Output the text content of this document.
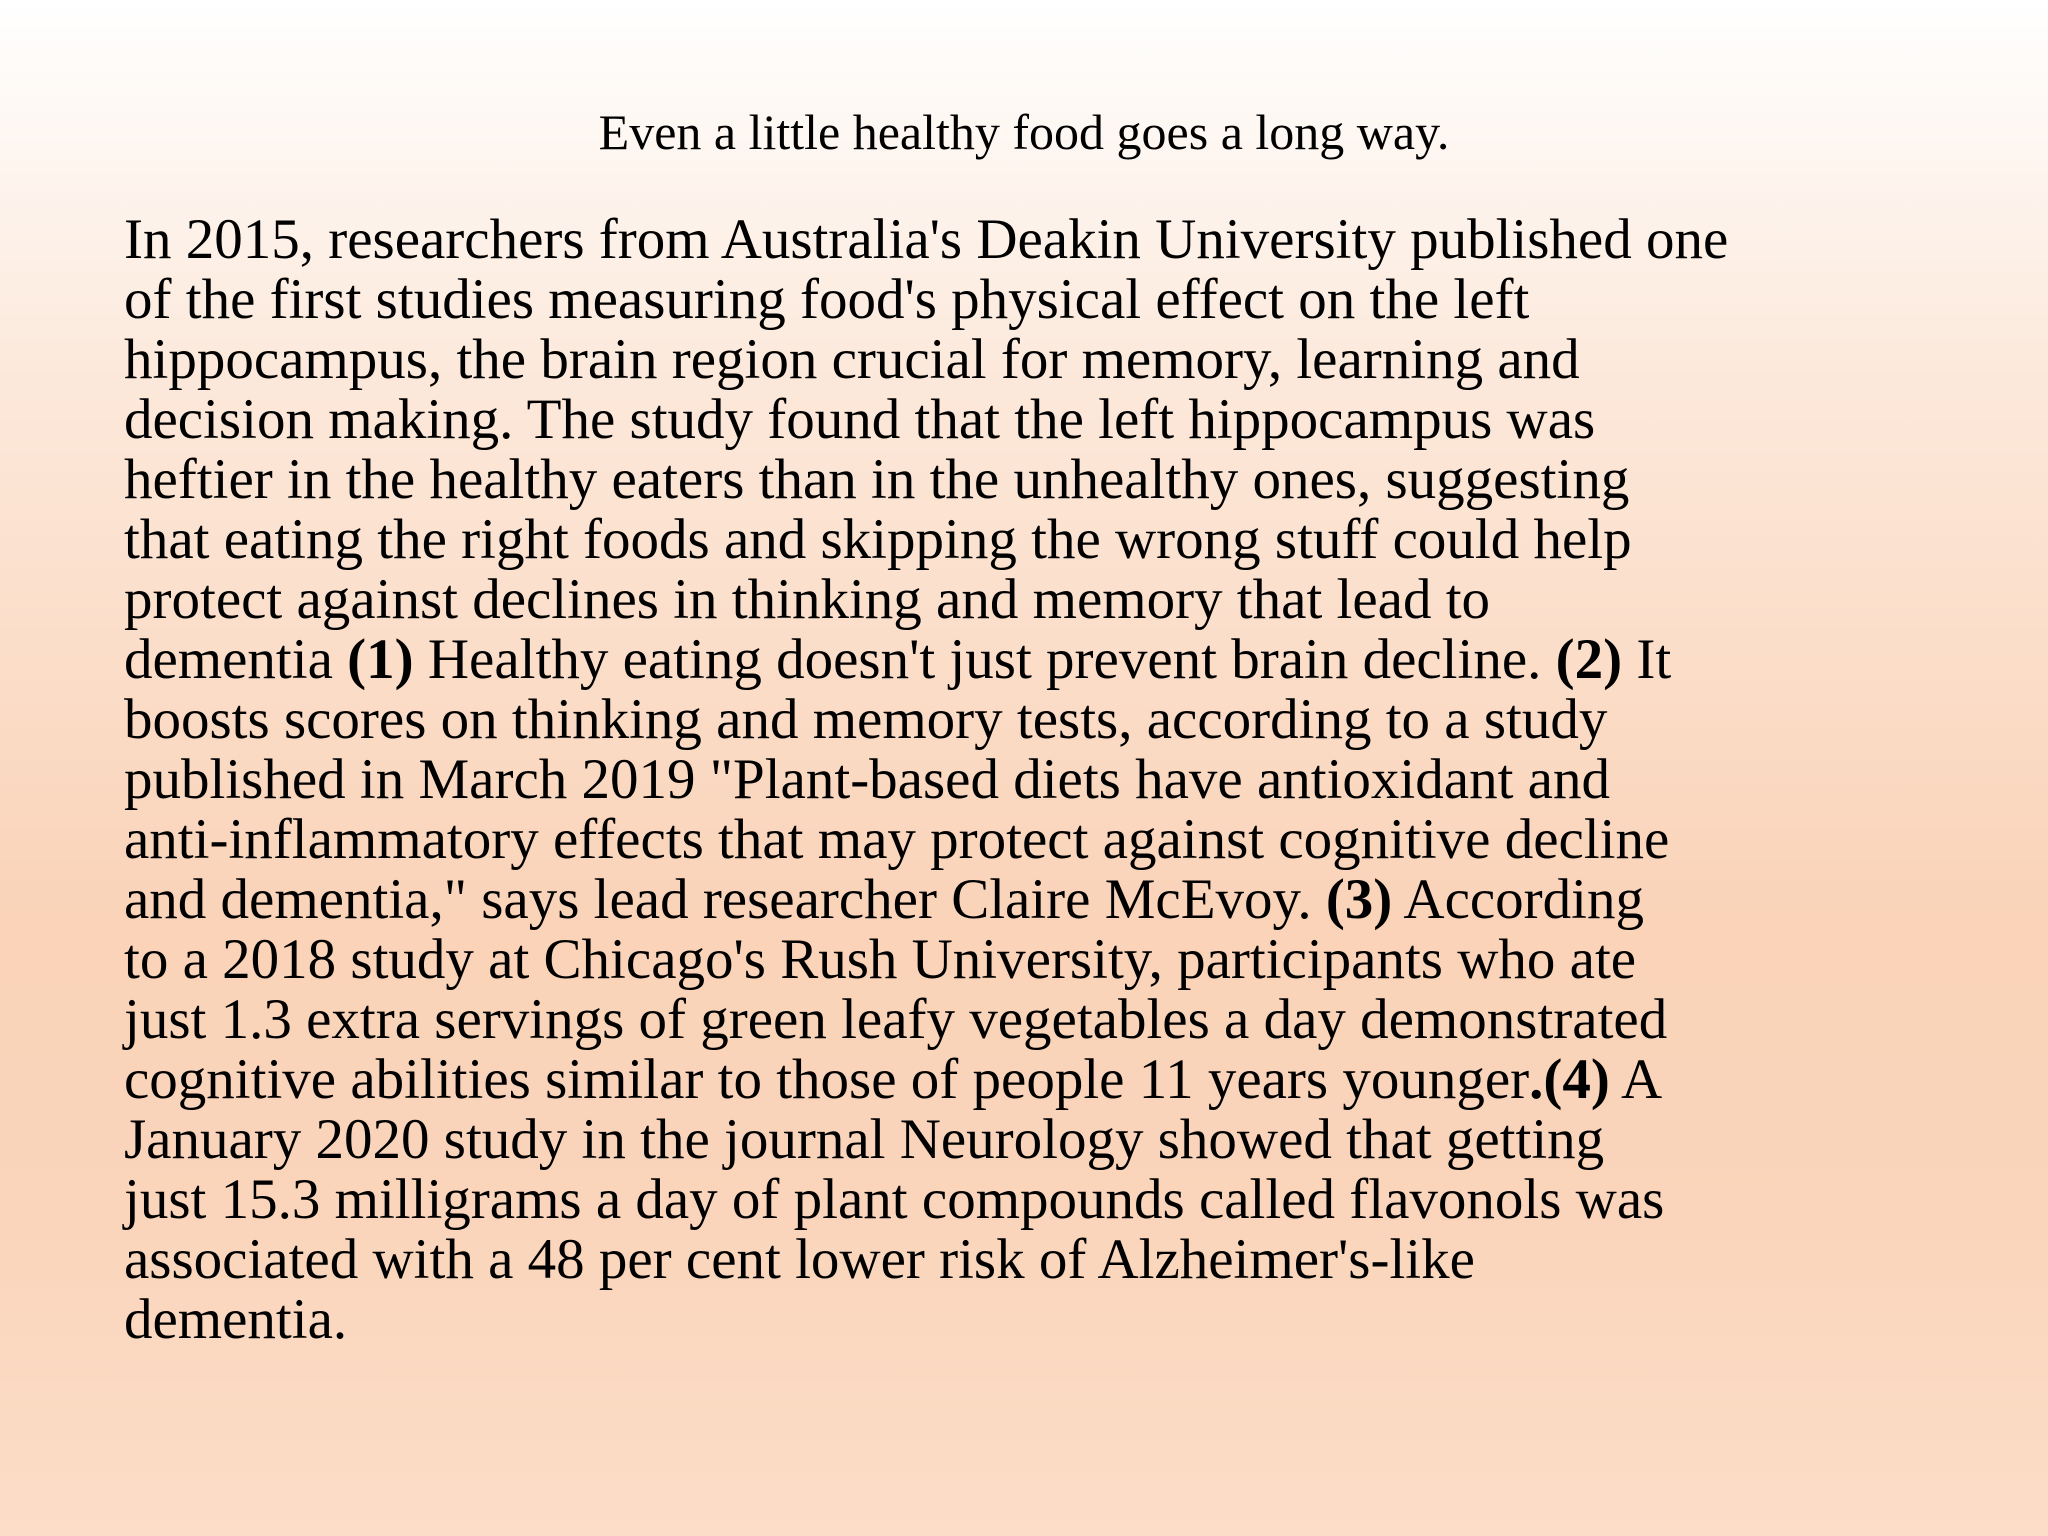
Even a little healthy food goes a long way.
In 2015, researchers from Australia's Deakin University published one
of the first studies measuring food's physical effect on the left
hippocampus, the brain region crucial for memory, learning and
decision making. The study found that the left hippocampus was
heftier in the healthy eaters than in the unhealthy ones, suggesting
that eating the right foods and skipping the wrong stuff could help
protect against declines in thinking and memory that lead to
dementia (1) Healthy eating doesn't just prevent brain decline. (2) It
boosts scores on thinking and memory tests, according to a study
published in March 2019 "Plant-based diets have antioxidant and
anti-inflammatory effects that may protect against cognitive decline
and dementia," says lead researcher Claire McEvoy. (3) According
to a 2018 study at Chicago's Rush University, participants who ate
just 1.3 extra servings of green leafy vegetables a day demonstrated
cognitive abilities similar to those of people 11 years younger.(4) A
January 2020 study in the journal Neurology showed that getting
just 15.3 milligrams a day of plant compounds called flavonols was
associated with a 48 per cent lower risk of Alzheimer's-like
dementia.
